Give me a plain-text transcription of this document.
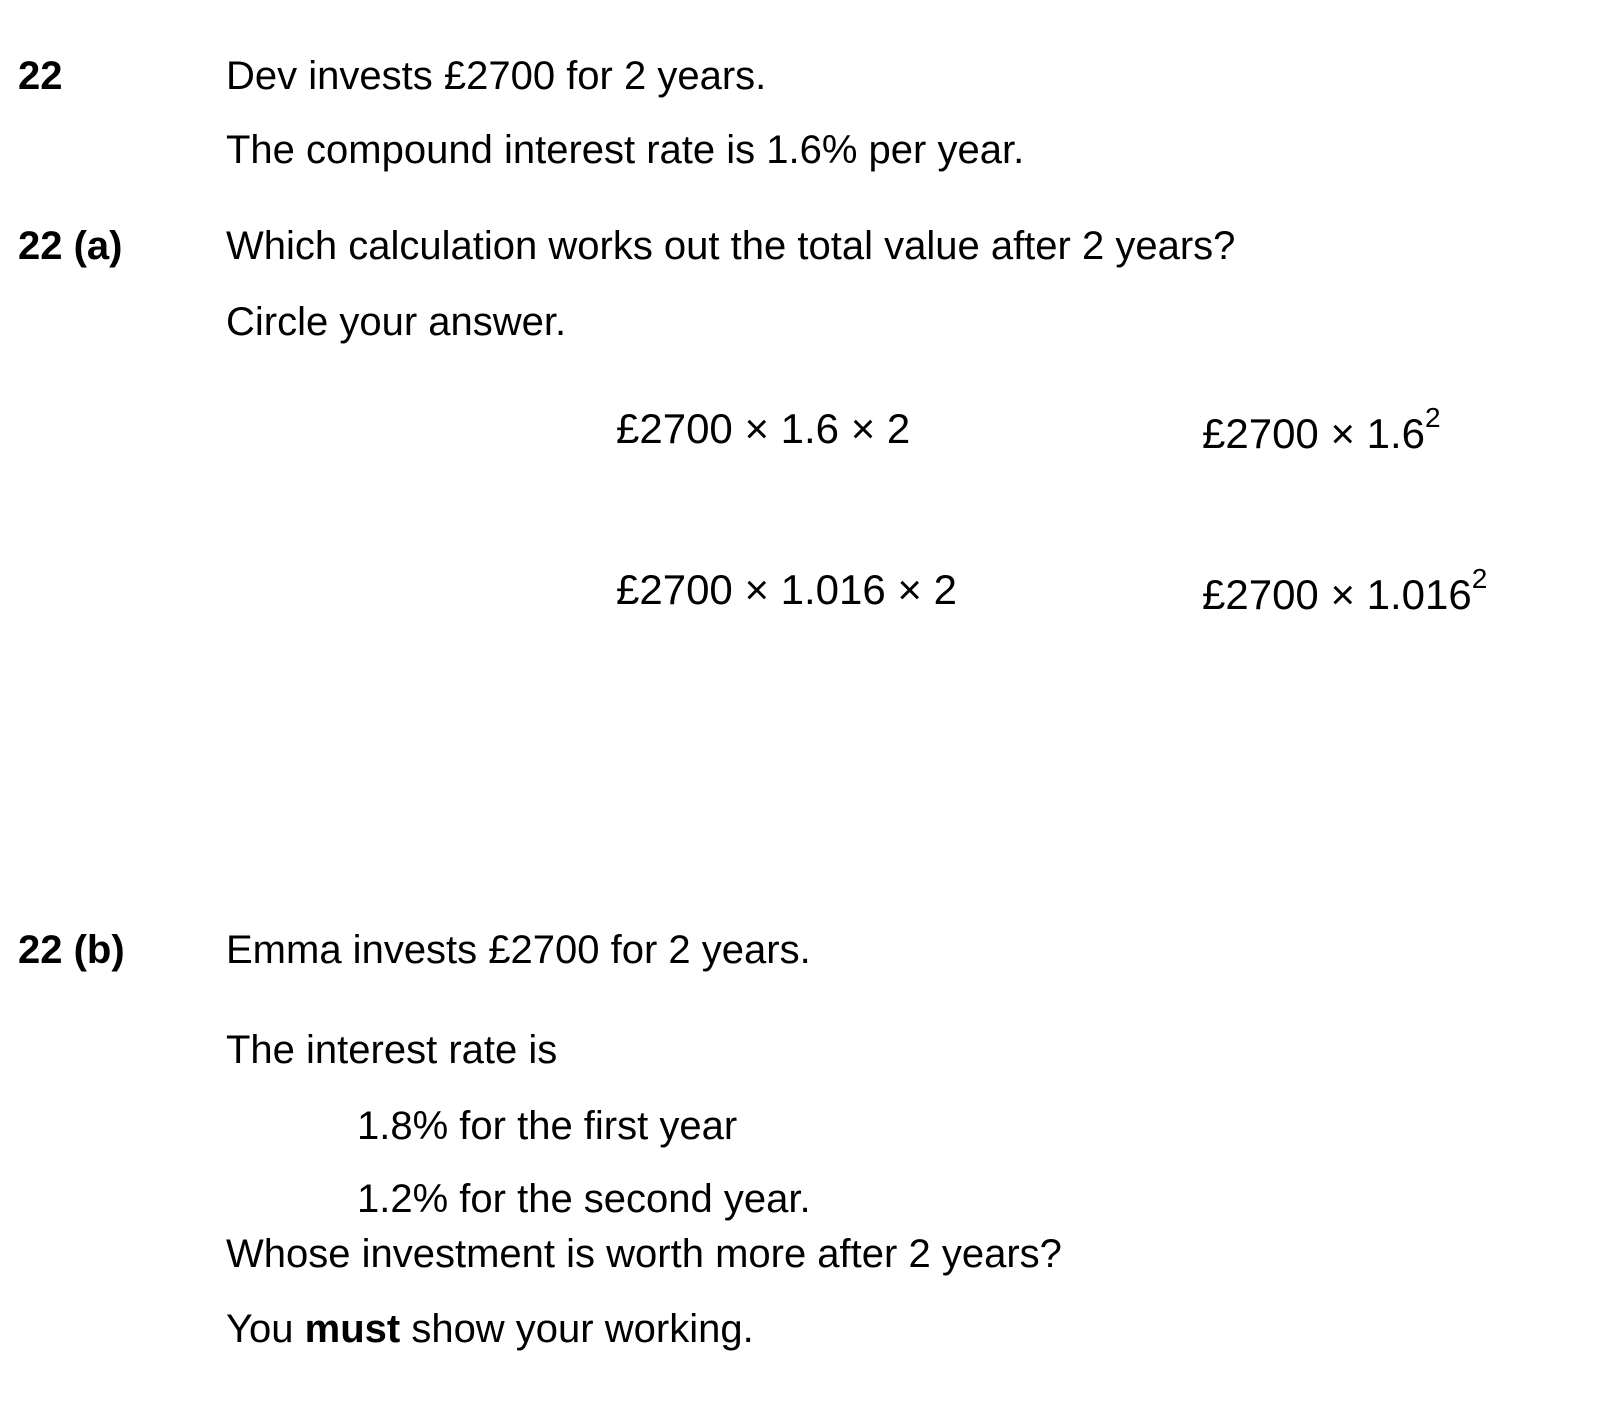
22	Dev invests £2700 for 2 years.
The compound interest rate is 1.6% per year.
22 (a)	Which calculation works out the total value after 2 years?
Circle your answer.
£2700 × 1.6 × 2	£2700 × $1.6^2$
£2700 × 1.016 × 2	£2700 × $1.016^2$
22 (b)	Emma invests £2700 for 2 years.
The interest rate is
1.8% for the first year
1.2% for the second year.
Whose investment is worth more after 2 years?
You must show your working.
